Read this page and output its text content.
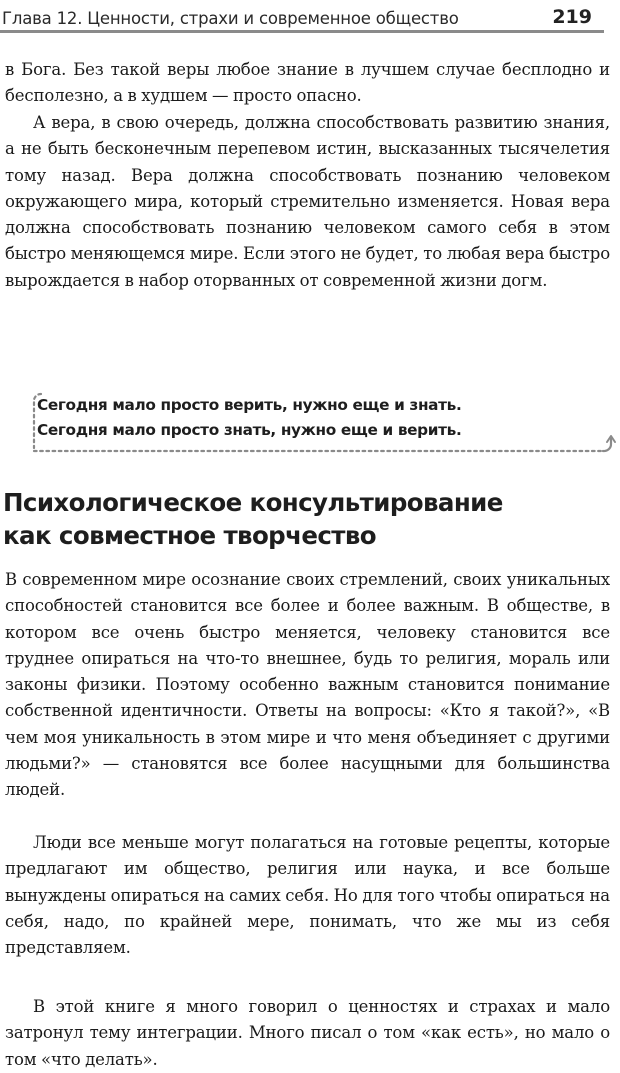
Глава 12. Ценности, страхи и современное общество	219

в Бога. Без такой веры любое знание в лучшем случае бесплодно и бесполезно, а в худшем — просто опасно.

А вера, в свою очередь, должна способствовать развитию знания, а не быть бесконечным перепевом истин, высказанных тысячелетия тому назад. Вера должна способствовать познанию человеком окружающего мира, который стремительно изменяется. Новая вера должна способствовать познанию человеком самого себя в этом быстро меняющемся мире. Если этого не будет, то любая вера быстро вырождается в набор оторванных от современной жизни догм.

Сегодня мало просто верить, нужно еще и знать.
Сегодня мало просто знать, нужно еще и верить.
Психологическое консультирование
как совместное творчество

В современном мире осознание своих стремлений, своих уникальных способностей становится все более и более важным. В обществе, в котором все очень быстро меняется, человеку становится все труднее опираться на что-то внешнее, будь то религия, мораль или законы физики. Поэтому особенно важным становится понимание собственной идентичности. Ответы на вопросы: «Кто я такой?», «В чем моя уникальность в этом мире и что меня объединяет с другими людьми?» — становятся все более насущными для большинства людей.

Люди все меньше могут полагаться на готовые рецепты, которые предлагают им общество, религия или наука, и все больше вынуждены опираться на самих себя. Но для того чтобы опираться на себя, надо, по крайней мере, понимать, что же мы из себя представляем.

В этой книге я много говорил о ценностях и страхах и мало затронул тему интеграции. Много писал о том «как есть», но мало о том «что делать».
